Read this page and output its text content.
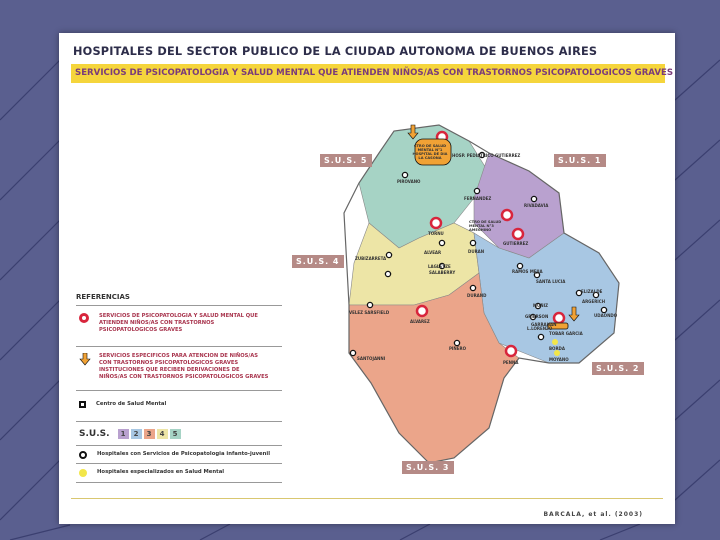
HOSPITALES DEL SECTOR PUBLICO DE LA CIUDAD AUTONOMA DE BUENOS AIRES
SERVICIOS DE PSICOPATOLOGIA Y SALUD MENTAL QUE ATIENDEN NIÑOS/AS CON TRASTORNOS PSICOPATOLOGICOS GRAVES
S.U.S. 5	S.U.S. 1
S.U.S. 4
S.U.S. 2
S.U.S. 3
CTRO DE SALUD MENTAL N°1 HOSPITAL DE DIA LA CASONA	HOSP. PEDIATRICO GUTIERREZ
PIROVANO
FERNANDEZ
RIVADAVIA
CTRO DE SALUD MENTAL N°3 AMEGHINO
GUTIERREZ
TORNU
ZUBIZARRETA
ALVEAR	DURAN
SALABERRY
VELEZ SARSFIELD
ALVAREZ
RAMOS MEJIA
SANTA LUCIA
SANTOJANNI
DURAND
PIÑERO
PENNA
GARRAHAN
TOBAR GARCIA
BORDA
MOYANO
ELIZALDE
ARGERICH
UDAONDO
LAGLEYZE
MUÑIZ
GRIERSON
L.LORENZO
REFERENCIAS
SERVICIOS DE PSICOPATOLOGIA Y SALUD MENTAL QUE ATIENDEN NIÑOS/AS CON TRASTORNOS PSICOPATOLOGICOS GRAVES
SERVICIOS ESPECIFICOS PARA ATENCION DE NIÑOS/AS CON TRASTORNOS PSICOPATOLOGICOS GRAVES
INSTITUCIONES QUE RECIBEN DERIVACIONES DE NIÑOS/AS CON TRASTORNOS PSICOPATOLOGICOS GRAVES
Centro de Salud Mental
S.U.S.	1	2	3	4	5
Hospitales con Servicios de Psicopatologia infanto-juvenil
Hospitales especializados en Salud Mental
BARCALA, et al. (2003)
